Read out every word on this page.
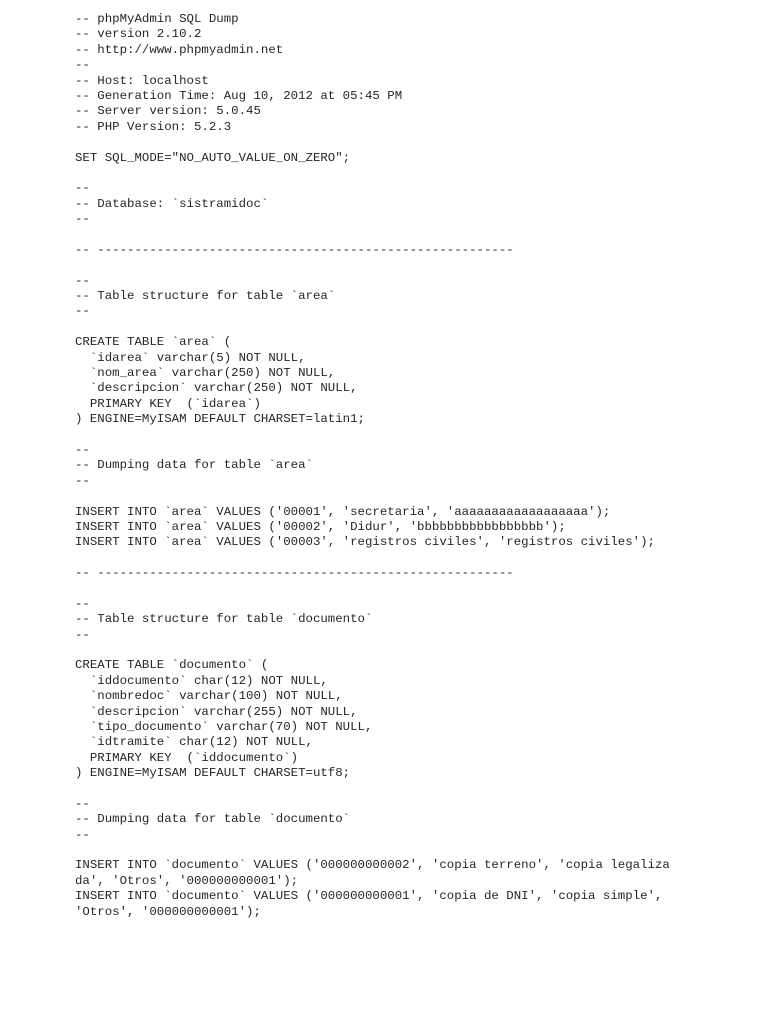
-- phpMyAdmin SQL Dump
-- version 2.10.2
-- http://www.phpmyadmin.net
--
-- Host: localhost
-- Generation Time: Aug 10, 2012 at 05:45 PM
-- Server version: 5.0.45
-- PHP Version: 5.2.3
SET SQL_MODE="NO_AUTO_VALUE_ON_ZERO";
--
-- Database: `sistramidoc`
--
-- --------------------------------------------------------
--
-- Table structure for table `area`
--
CREATE TABLE `area` (
`idarea` varchar(5) NOT NULL,
`nom_area` varchar(250) NOT NULL,
`descripcion` varchar(250) NOT NULL,
PRIMARY KEY  (`idarea`)
) ENGINE=MyISAM DEFAULT CHARSET=latin1;
--
-- Dumping data for table `area`
--
INSERT INTO `area` VALUES ('00001', 'secretaria', 'aaaaaaaaaaaaaaaaaa');
INSERT INTO `area` VALUES ('00002', 'Didur', 'bbbbbbbbbbbbbbbbb');
INSERT INTO `area` VALUES ('00003', 'registros civiles', 'registros civiles');
-- --------------------------------------------------------
--
-- Table structure for table `documento`
--
CREATE TABLE `documento` (
`iddocumento` char(12) NOT NULL,
`nombredoc` varchar(100) NOT NULL,
`descripcion` varchar(255) NOT NULL,
`tipo_documento` varchar(70) NOT NULL,
`idtramite` char(12) NOT NULL,
PRIMARY KEY  (`iddocumento`)
) ENGINE=MyISAM DEFAULT CHARSET=utf8;
--
-- Dumping data for table `documento`
--
INSERT INTO `documento` VALUES ('000000000002', 'copia terreno', 'copia legaliza
da', 'Otros', '000000000001');
INSERT INTO `documento` VALUES ('000000000001', 'copia de DNI', 'copia simple',
'Otros', '000000000001');
